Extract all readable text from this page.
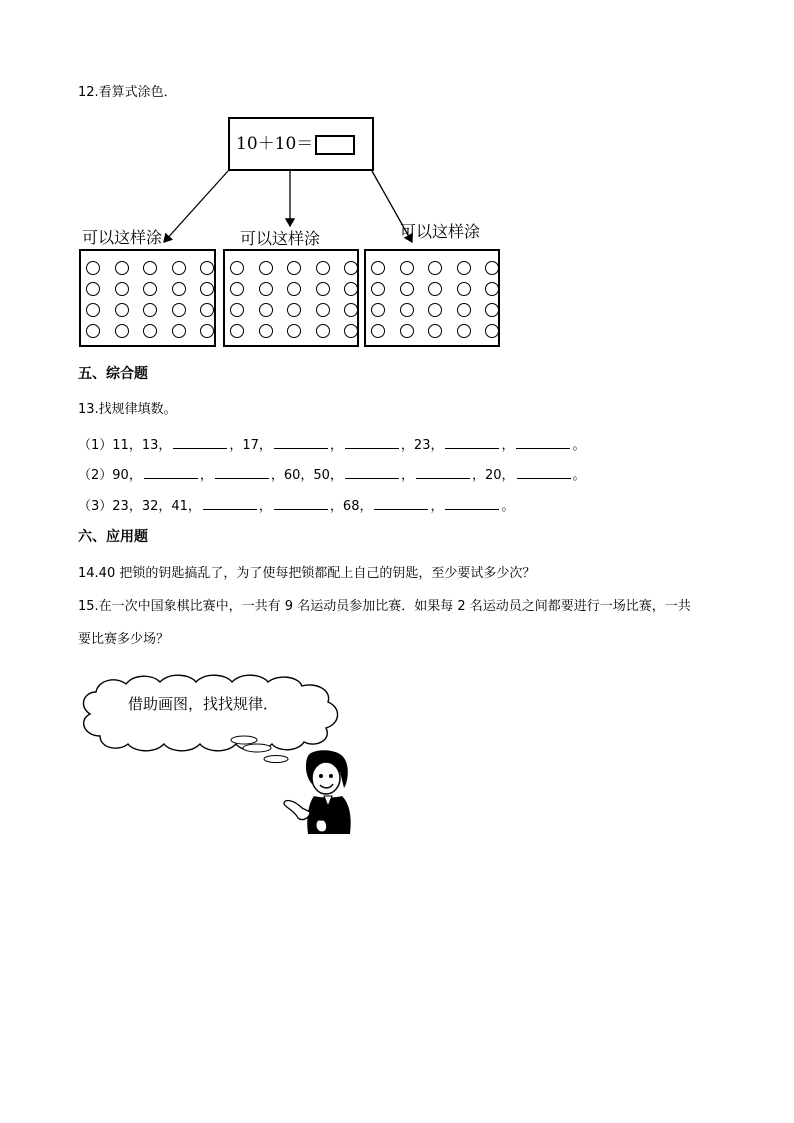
12.看算式涂色．
10＋10＝
可以这样涂	可以这样涂	可以这样涂
五、综合题
13.找规律填数。
（1）11，13，	，17，	，	，23，	，	。
（2）90，	，	，60，50，	，	，20，	。
（3）23，32，41，	，	，68，	，	。
六、应用题
14.40 把锁的钥匙搞乱了，为了使每把锁都配上自己的钥匙，至少要试多少次？
15.在一次中国象棋比赛中，一共有 9 名运动员参加比赛．如果每 2 名运动员之间都要进行一场比赛，一共
要比赛多少场？
借助画图，找找规律．
